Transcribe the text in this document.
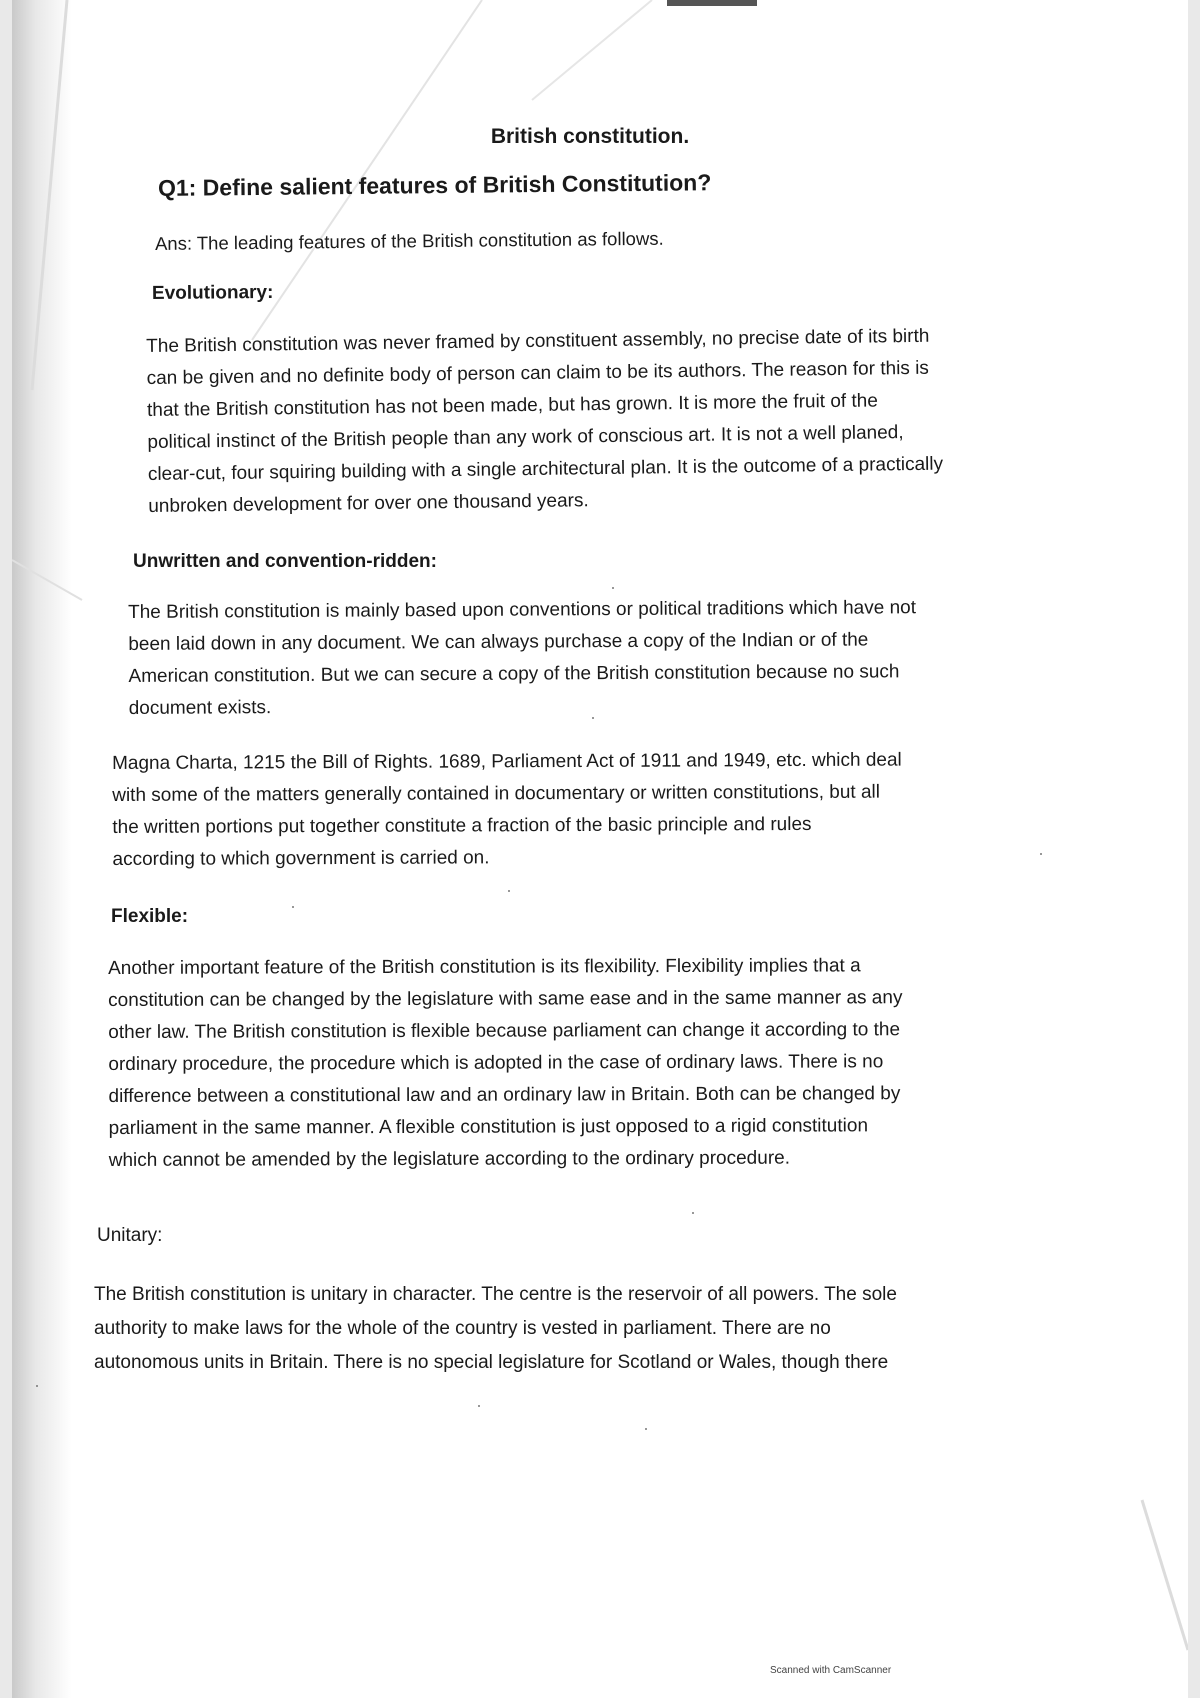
British constitution.
Q1: Define salient features of British Constitution?

Ans: The leading features of the British constitution as follows.

Evolutionary:
The British constitution was never framed by constituent assembly, no precise date of its birth
can be given and no definite body of person can claim to be its authors. The reason for this is
that the British constitution has not been made, but has grown. It is more the fruit of the
political instinct of the British people than any work of conscious art. It is not a well planed,
clear-cut, four squiring building with a single architectural plan. It is the outcome of a practically
unbroken development for over one thousand years.
Unwritten and convention-ridden:
The British constitution is mainly based upon conventions or political traditions which have not
been laid down in any document. We can always purchase a copy of the Indian or of the
American constitution. But we can secure a copy of the British constitution because no such
document exists.
Magna Charta, 1215 the Bill of Rights. 1689, Parliament Act of 1911 and 1949, etc. which deal
with some of the matters generally contained in documentary or written constitutions, but all
the written portions put together constitute a fraction of the basic principle and rules
according to which government is carried on.
Flexible:
Another important feature of the British constitution is its flexibility. Flexibility implies that a
constitution can be changed by the legislature with same ease and in the same manner as any
other law. The British constitution is flexible because parliament can change it according to the
ordinary procedure, the procedure which is adopted in the case of ordinary laws. There is no
difference between a constitutional law and an ordinary law in Britain. Both can be changed by
parliament in the same manner. A flexible constitution is just opposed to a rigid constitution
which cannot be amended by the legislature according to the ordinary procedure.
Unitary:
The British constitution is unitary in character. The centre is the reservoir of all powers. The sole
authority to make laws for the whole of the country is vested in parliament. There are no
autonomous units in Britain. There is no special legislature for Scotland or Wales, though there
Scanned with CamScanner
